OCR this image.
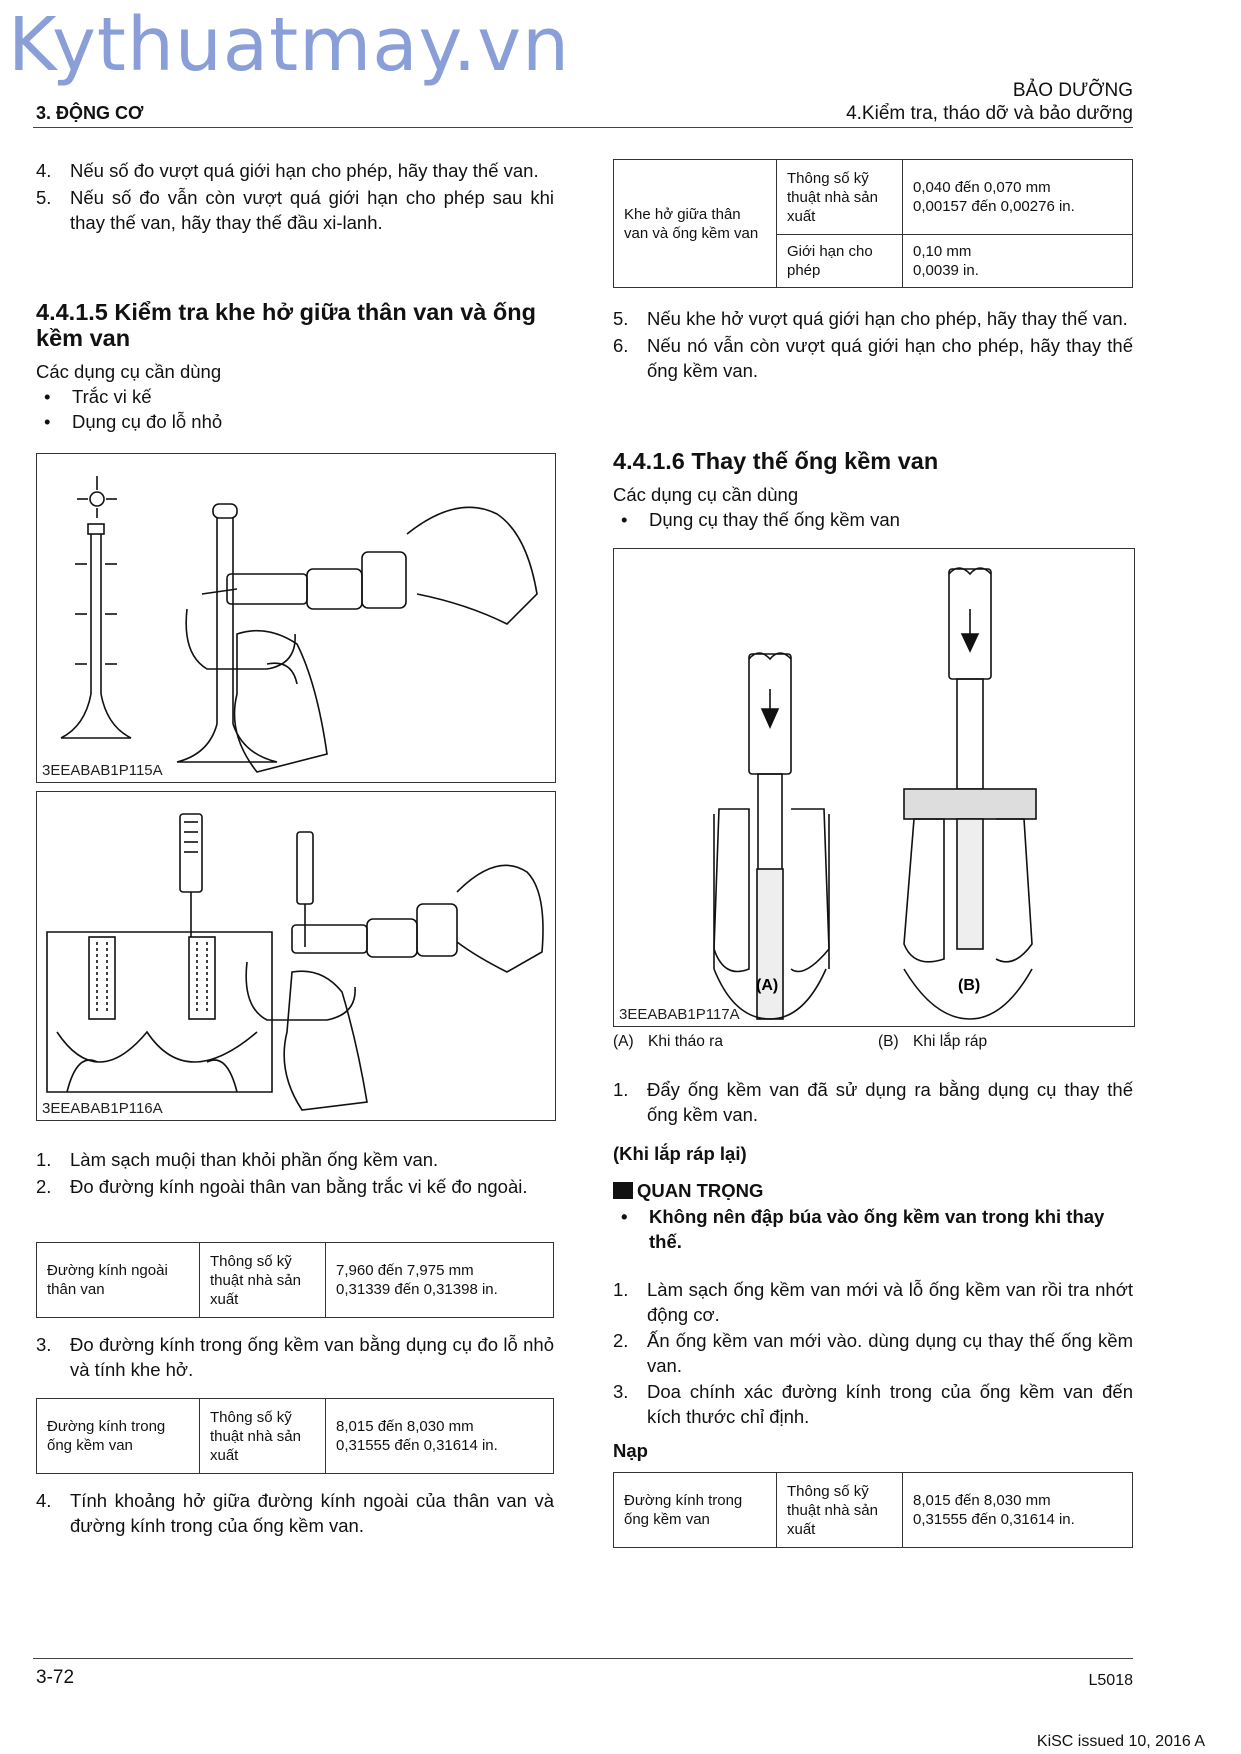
Kythuatmay.vn
3. ĐỘNG CƠ
BẢO DƯỠNG
4.Kiểm tra, tháo dỡ và bảo dưỡng
4. Nếu số đo vượt quá giới hạn cho phép, hãy thay thế van.
5. Nếu số đo vẫn còn vượt quá giới hạn cho phép sau khi thay thế van, hãy thay thế đầu xi-lanh.
4.4.1.5 Kiểm tra khe hở giữa thân van và ống kềm van
Các dụng cụ cần dùng
• Trắc vi kế
• Dụng cụ đo lỗ nhỏ
3EEABAB1P115A
3EEABAB1P116A
1. Làm sạch muội than khỏi phần ống kềm van.
2. Đo đường kính ngoài thân van bằng trắc vi kế đo ngoài.
Đường kính ngoài thân van	Thông số kỹ thuật nhà sản xuất	
7,960 đến 7,975 mm
0,31339 đến 0,31398 in.
3. Đo đường kính trong ống kềm van bằng dụng cụ đo lỗ nhỏ và tính khe hở.
Đường kính trong ống kềm van	Thông số kỹ thuật nhà sản xuất	
8,015 đến 8,030 mm
0,31555 đến 0,31614 in.
4. Tính khoảng hở giữa đường kính ngoài của thân van và đường kính trong của ống kềm van.
Khe hở giữa thân van và ống kềm van	Thông số kỹ thuật nhà sản xuất	0,040 đến 0,070 mm
0,00157 đến 0,00276 in.

	Giới hạn cho phép	0,10 mm
0,0039 in.
5. Nếu khe hở vượt quá giới hạn cho phép, hãy thay thế van.
6. Nếu nó vẫn còn vượt quá giới hạn cho phép, hãy thay thế ống kềm van.
4.4.1.6 Thay thế ống kềm van
Các dụng cụ cần dùng
• Dụng cụ thay thế ống kềm van
(A)	(B)
3EEABAB1P117A
(A) Khi tháo ra	(B) Khi lắp ráp
1. Đẩy ống kềm van đã sử dụng ra bằng dụng cụ thay thế ống kềm van.
(Khi lắp ráp lại)
QUAN TRỌNG
• Không nên đập búa vào ống kềm van trong khi thay thế.
1. Làm sạch ống kềm van mới và lỗ ống kềm van rồi tra nhớt động cơ.
2. Ấn ống kềm van mới vào. dùng dụng cụ thay thế ống kềm van.
3. Doa chính xác đường kính trong của ống kềm van đến kích thước chỉ định.
Nạp
Đường kính trong ống kềm van	Thông số kỹ thuật nhà sản xuất	
8,015 đến 8,030 mm
0,31555 đến 0,31614 in.
3-72	L5018
KiSC issued 10, 2016 A
